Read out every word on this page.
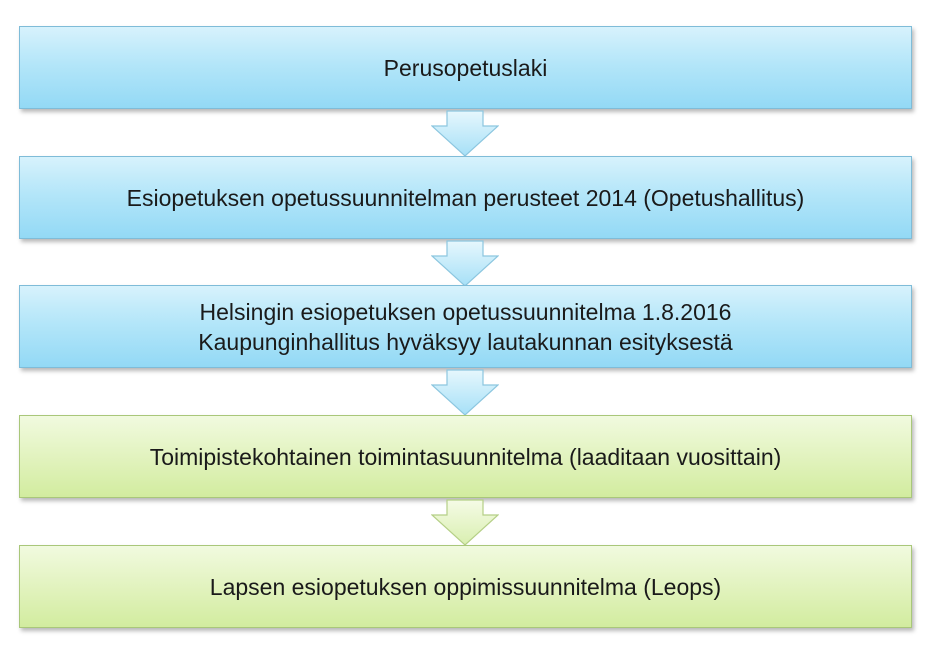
Perusopetuslaki
Esiopetuksen opetussuunnitelman perusteet 2014 (Opetushallitus)
Helsingin esiopetuksen opetussuunnitelma 1.8.2016
Kaupunginhallitus hyväksyy lautakunnan esityksestä
Toimipistekohtainen toimintasuunnitelma (laaditaan vuosittain)
Lapsen esiopetuksen oppimissuunnitelma (Leops)
